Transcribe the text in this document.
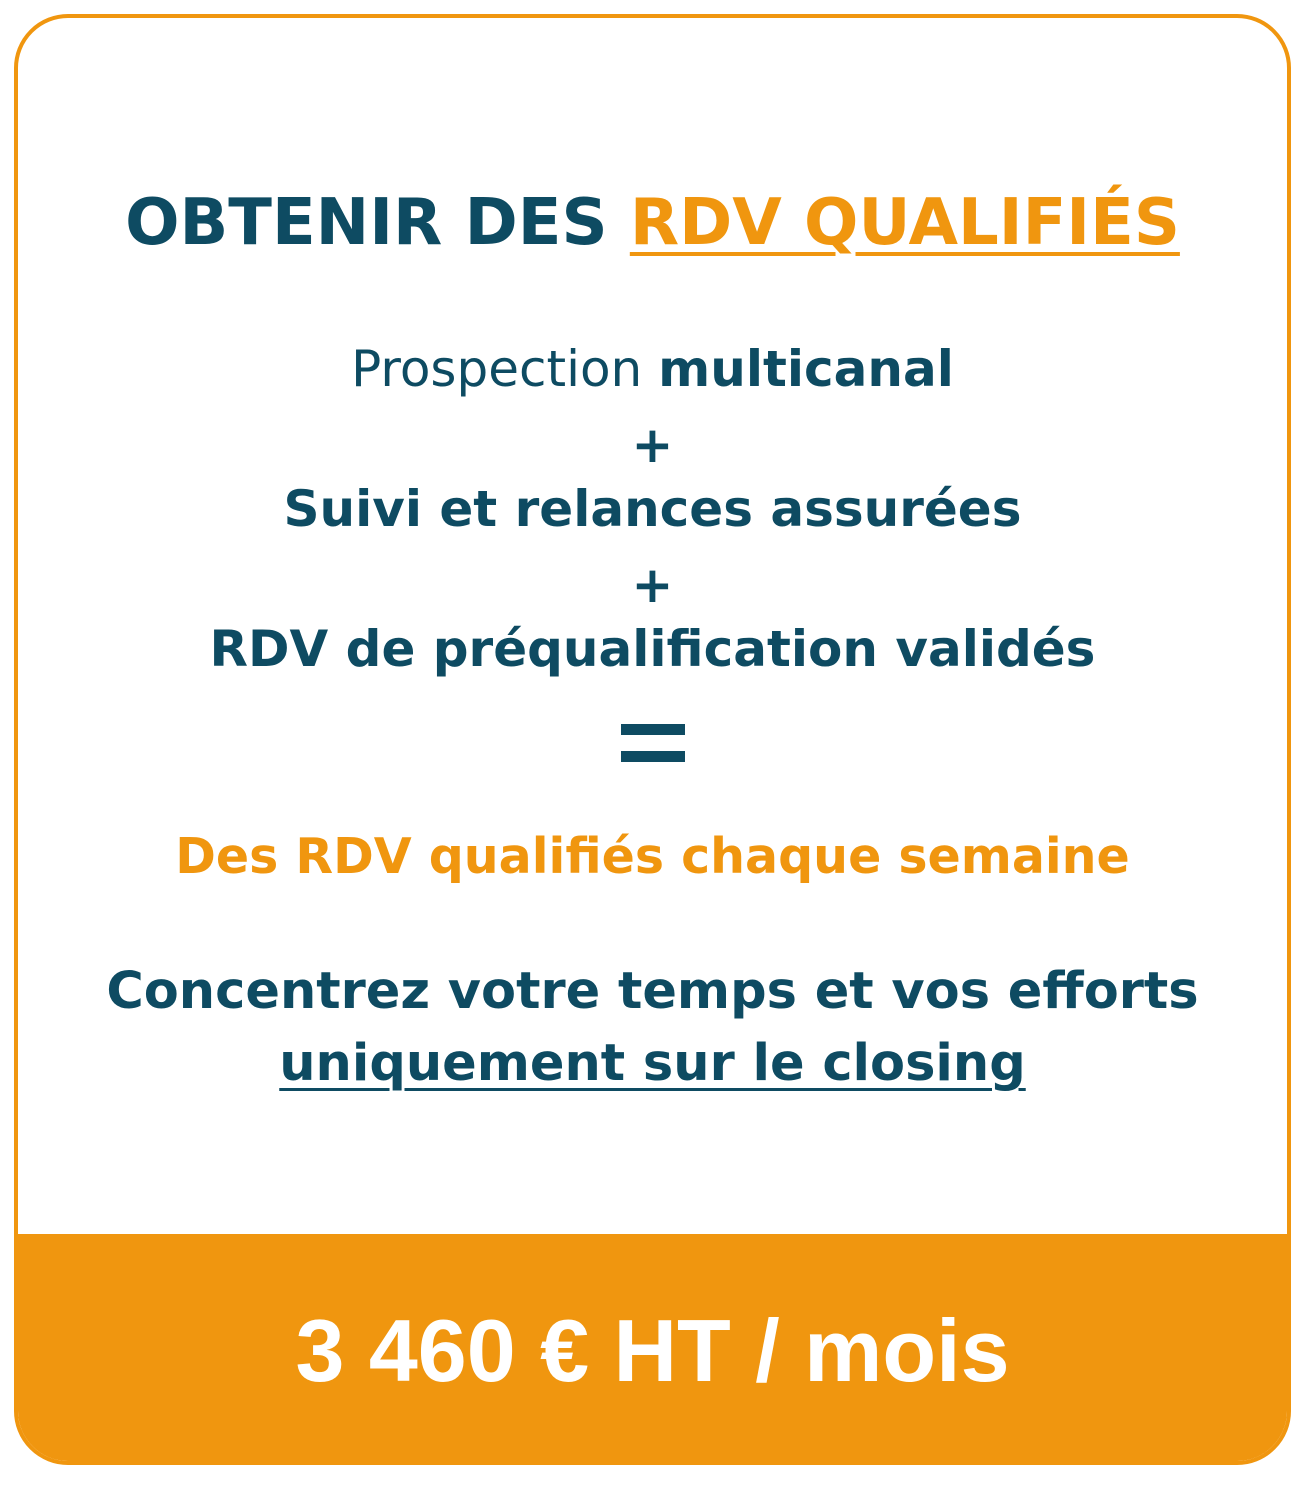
OBTENIR DES RDV QUALIFIÉS
Prospection multicanal
+
Suivi et relances assurées
+
RDV de préqualification validés
Des RDV qualifiés chaque semaine
Concentrez votre temps et vos efforts
uniquement sur le closing
3 460 € HT / mois
